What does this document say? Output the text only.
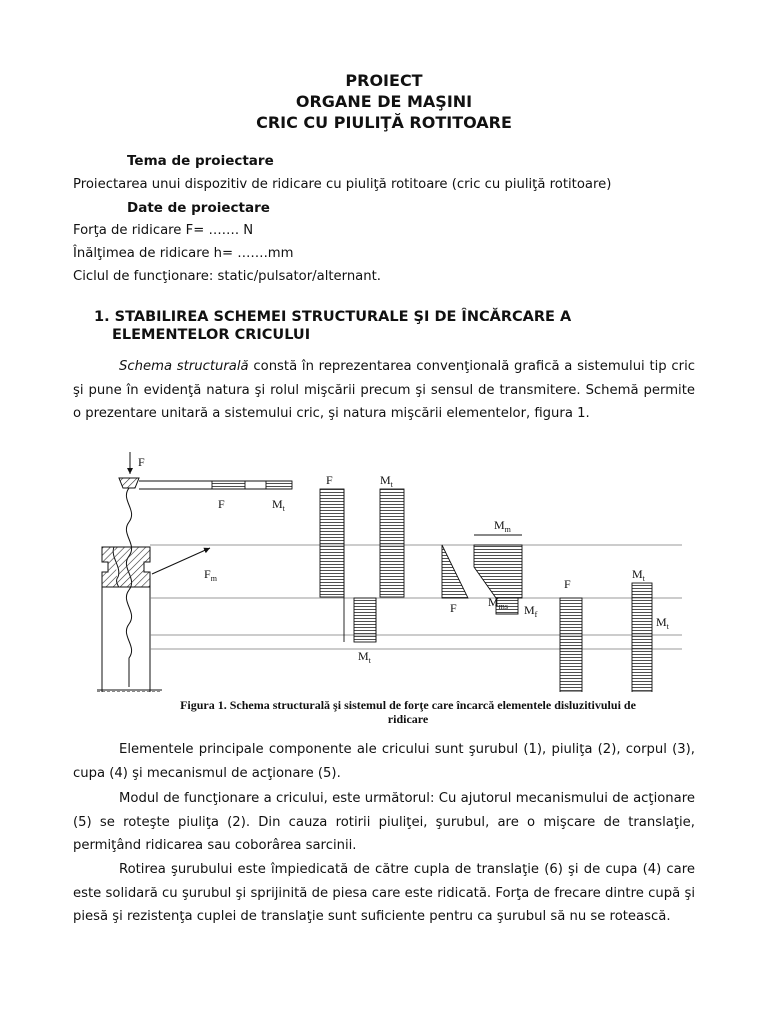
PROIECT
ORGANE DE MAŞINI
CRIC CU PIULIŢĂ ROTITOARE
Tema de proiectare
Proiectarea unui dispozitiv de ridicare cu piuliţă rotitoare (cric cu piuliţă rotitoare)
Date de proiectare
Forţa de ridicare F= ……. N
Înălţimea de ridicare h= …….mm
Ciclul de funcţionare: static/pulsator/alternant.
1. STABILIREA SCHEMEI STRUCTURALE ŞI DE ÎNCĂRCARE A
ELEMENTELOR CRICULUI
Schema structurală constă în reprezentarea convenţională grafică a sistemului tip cric şi pune în evidenţă natura şi rolul mişcării precum şi sensul de transmitere. Schemă permite o prezentare unitară a sistemului cric, şi natura mişcării elementelor, figura 1.
F
F	$M_t$
F	$M_t$
$F_m$
F
$M_m$
$M_{ms}$ $M_f$
$M_t$
F
$M_t$
$M_t$
Figura 1. Schema structurală şi sistemul de forţe care încarcă elementele disluzitivului de
ridicare
Elementele principale componente ale cricului sunt şurubul (1), piuliţa (2), corpul (3), cupa (4) şi mecanismul de acţionare (5).
Modul de funcţionare a cricului, este următorul: Cu ajutorul mecanismului de acţionare (5) se roteşte piuliţa (2). Din cauza rotirii piuliţei, şurubul, are o mişcare de translaţie, permiţând ridicarea sau coborârea sarcinii.
Rotirea şurubului este împiedicată de către cupla de translaţie (6) şi de cupa (4) care este solidară cu şurubul şi sprijinită de piesa care este ridicată. Forţa de frecare dintre cupă şi piesă şi rezistenţa cuplei de translaţie sunt suficiente pentru ca şurubul să nu se rotească.
